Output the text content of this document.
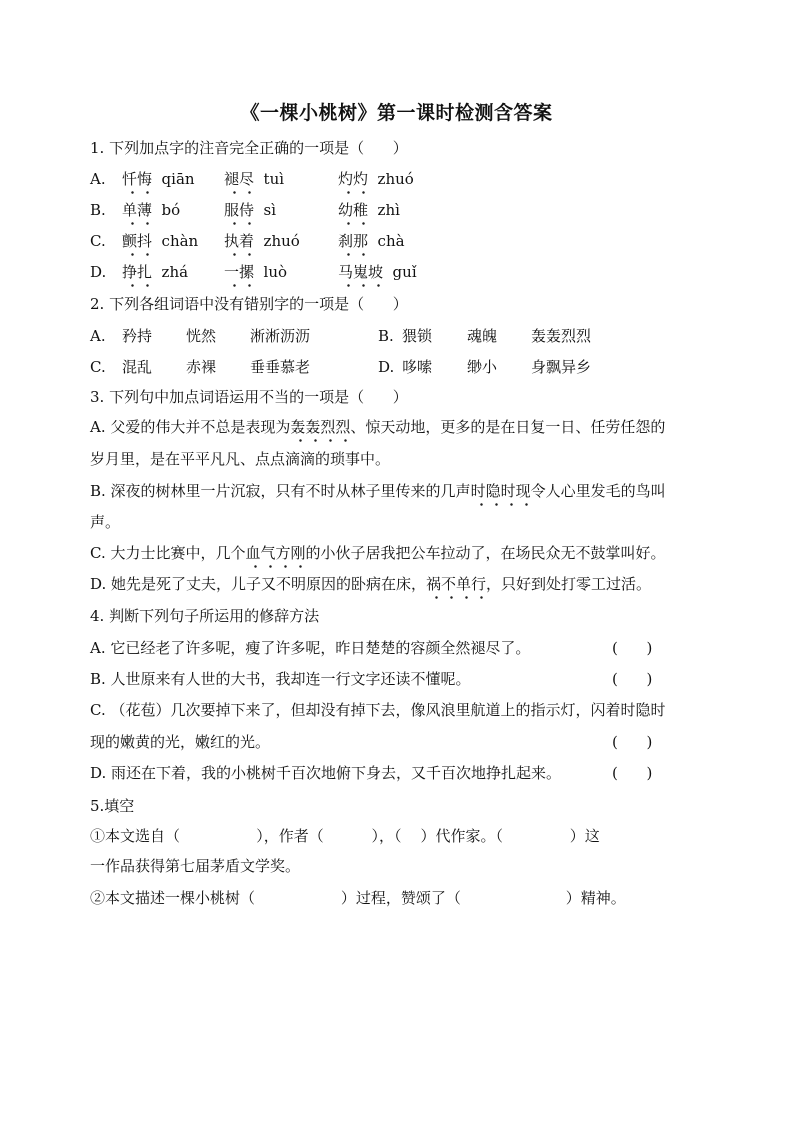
《一棵小桃树》第一课时检测含答案
1. 下列加点字的注音完全正确的一项是（      ）
A. 忏悔  qiān 褪尽  tuì	灼灼  zhuó
B. 单薄  bó	服侍  sì	幼稚  zhì
C. 颤抖  chàn 执着  zhuó	刹那  chà
D. 挣扎  zhá 一摞  luò	马嵬坡  guǐ
2. 下列各组词语中没有错别字的一项是（      ）
A. 矜持 恍然 淅淅沥沥	B. 猥锁 魂魄 轰轰烈烈
C. 混乱 赤裸 垂垂慕老	D. 哆嗦 缈小 身飘异乡
3. 下列句中加点词语运用不当的一项是（      ）
A. 父爱的伟大并不总是表现为轰轰烈烈、惊天动地，更多的是在日复一日、任劳任怨的
岁月里，是在平平凡凡、点点滴滴的琐事中。
B. 深夜的树林里一片沉寂，只有不时从林子里传来的几声时隐时现令人心里发毛的鸟叫
声。
C. 大力士比赛中，几个血气方刚的小伙子居我把公车拉动了，在场民众无不鼓掌叫好。
D. 她先是死了丈夫，儿子又不明原因的卧病在床，祸不单行，只好到处打零工过活。
4. 判断下列句子所运用的修辞方法
A. 它已经老了许多呢，瘦了许多呢，昨日楚楚的容颜全然褪尽了。	(      )
B. 人世原来有人世的大书，我却连一行文字还读不懂呢。	(      )
C. （花苞）几次要掉下来了，但却没有掉下去，像风浪里航道上的指示灯，闪着时隐时
现的嫩黄的光，嫩红的光。	(      )
D. 雨还在下着，我的小桃树千百次地俯下身去，又千百次地挣扎起来。	(      )
5.填空
①本文选自（                ），作者（          ），（    ）代作家。（              ）这
一作品获得第七届茅盾文学奖。
②本文描述一棵小桃树（                  ）过程，赞颂了（                      ）精神。
